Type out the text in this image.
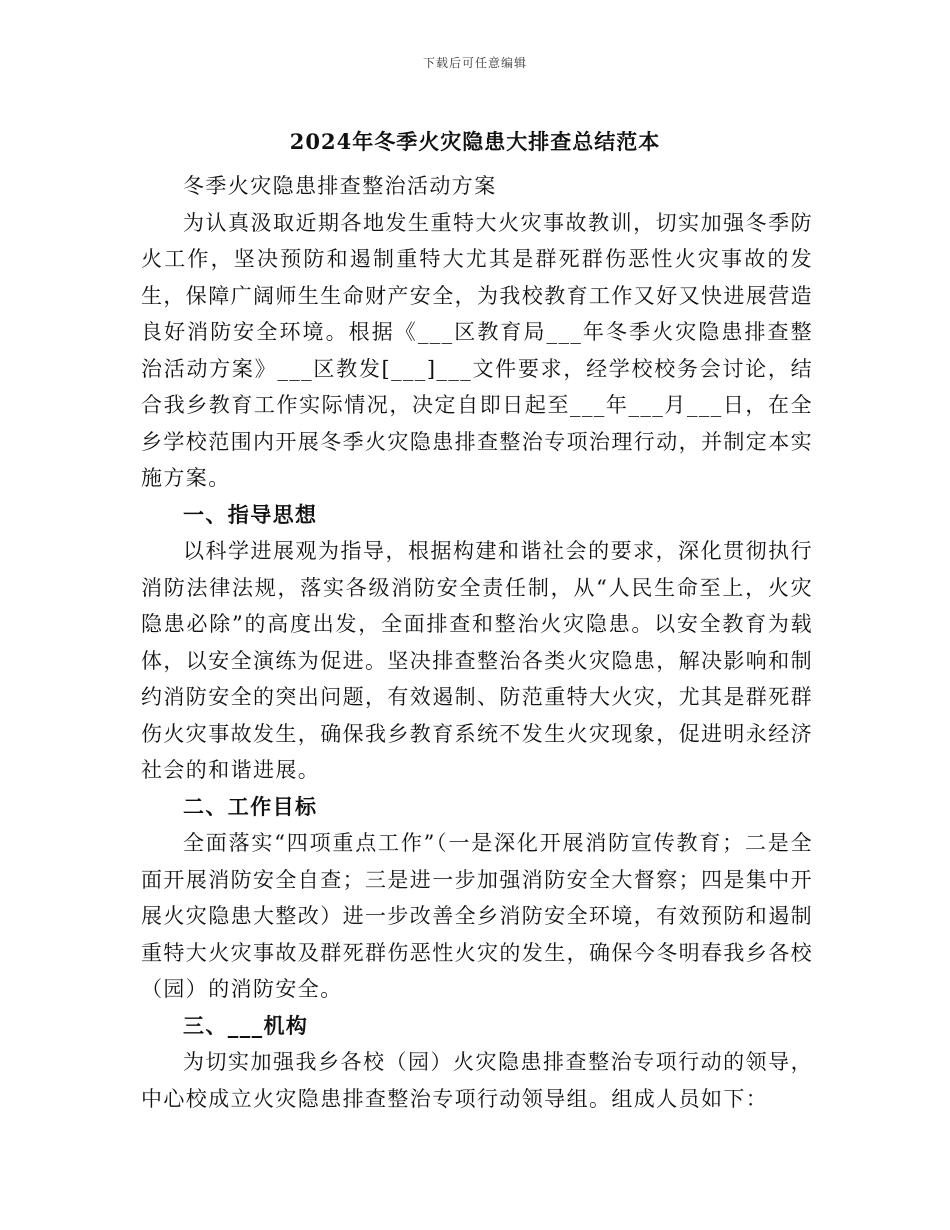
下载后可任意编辑
2024年冬季火灾隐患大排查总结范本

冬季火灾隐患排查整治活动方案

为认真汲取近期各地发生重特大火灾事故教训，切实加强冬季防火工作，坚决预防和遏制重特大尤其是群死群伤恶性火灾事故的发生，保障广阔师生生命财产安全，为我校教育工作又好又快进展营造良好消防安全环境。根据《___区教育局___年冬季火灾隐患排查整治活动方案》___区教发[___]___文件要求，经学校校务会讨论，结合我乡教育工作实际情况，决定自即日起至___年___月___日，在全乡学校范围内开展冬季火灾隐患排查整治专项治理行动，并制定本实施方案。

一、指导思想

以科学进展观为指导，根据构建和谐社会的要求，深化贯彻执行消防法律法规，落实各级消防安全责任制，从“人民生命至上，火灾隐患必除”的高度出发，全面排查和整治火灾隐患。以安全教育为载体，以安全演练为促进。坚决排查整治各类火灾隐患，解决影响和制约消防安全的突出问题，有效遏制、防范重特大火灾，尤其是群死群伤火灾事故发生，确保我乡教育系统不发生火灾现象，促进明永经济社会的和谐进展。

二、工作目标

全面落实“四项重点工作”（一是深化开展消防宣传教育；二是全面开展消防安全自查；三是进一步加强消防安全大督察；四是集中开展火灾隐患大整改）进一步改善全乡消防安全环境，有效预防和遏制重特大火灾事故及群死群伤恶性火灾的发生，确保今冬明春我乡各校（园）的消防安全。

三、___机构

为切实加强我乡各校（园）火灾隐患排查整治专项行动的领导，中心校成立火灾隐患排查整治专项行动领导组。组成人员如下：
